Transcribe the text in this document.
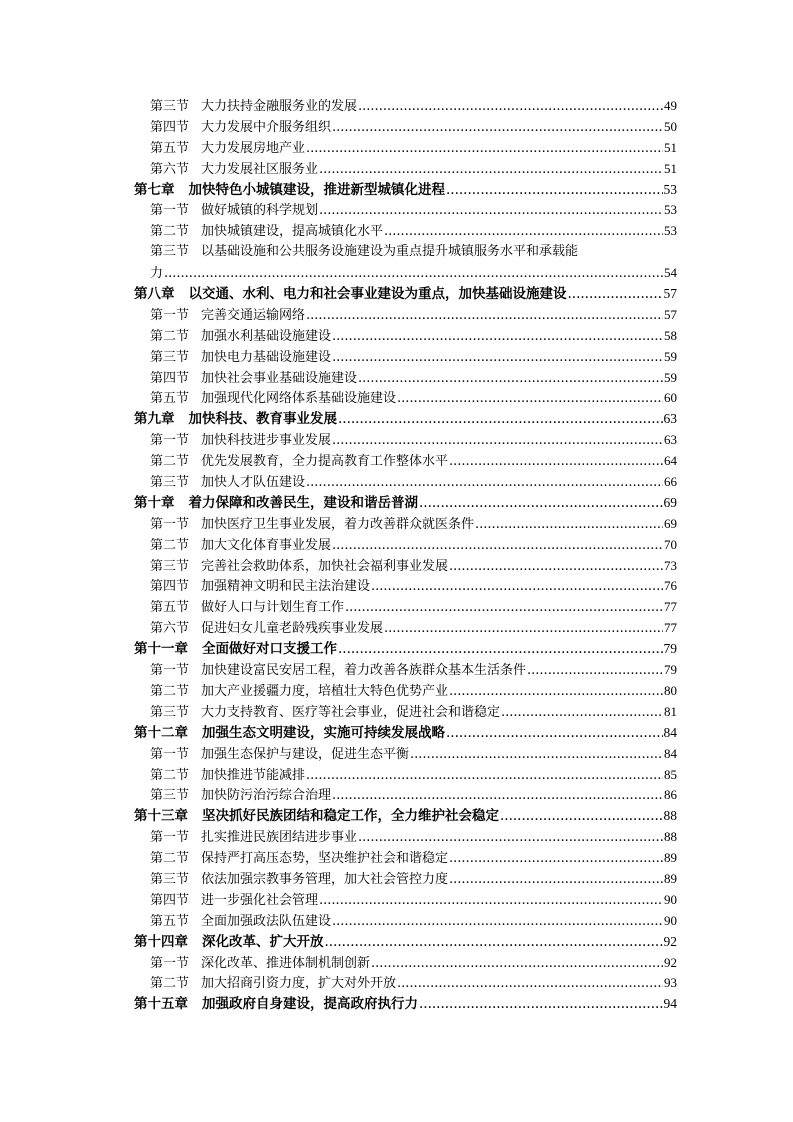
第三节 大力扶持金融服务业的发展 .....	49
第四节 大力发展中介服务组织 .....	50
第五节 大力发展房地产业 .....	51
第六节 大力发展社区服务业 .....	51
第七章 加快特色小城镇建设，推进新型城镇化进程 .....	53
第一节 做好城镇的科学规划 .....	53
第二节 加快城镇建设，提高城镇化水平 .....	53
第三节 以基础设施和公共服务设施建设为重点提升城镇服务水平和承载能
力 .....	54
第八章 以交通、水利、电力和社会事业建设为重点，加快基础设施建设 .....	57
第一节 完善交通运输网络 .....	57
第二节 加强水利基础设施建设 .....	58
第三节 加快电力基础设施建设 .....	59
第四节 加快社会事业基础设施建设 .....	59
第五节 加强现代化网络体系基础设施建设 .....	60
第九章 加快科技、教育事业发展 .....	63
第一节 加快科技进步事业发展 .....	63
第二节 优先发展教育，全力提高教育工作整体水平 .....	64
第三节 加快人才队伍建设 .....	66
第十章 着力保障和改善民生，建设和谐岳普湖 .....	69
第一节 加快医疗卫生事业发展，着力改善群众就医条件 .....	69
第二节 加大文化体育事业发展 .....	70
第三节 完善社会救助体系，加快社会福利事业发展 .....	73
第四节 加强精神文明和民主法治建设 .....	76
第五节 做好人口与计划生育工作 .....	77
第六节 促进妇女儿童老龄残疾事业发展 .....	77
第十一章 全面做好对口支援工作 .....	79
第一节 加快建设富民安居工程，着力改善各族群众基本生活条件 .....	79
第二节 加大产业援疆力度，培植壮大特色优势产业 .....	80
第三节 大力支持教育、医疗等社会事业，促进社会和谐稳定 .....	81
第十二章 加强生态文明建设，实施可持续发展战略 .....	84
第一节 加强生态保护与建设，促进生态平衡 .....	84
第二节 加快推进节能减排 .....	85
第三节 加快防污治污综合治理 .....	86
第十三章 坚决抓好民族团结和稳定工作，全力维护社会稳定 .....	88
第一节 扎实推进民族团结进步事业 .....	88
第二节 保持严打高压态势，坚决维护社会和谐稳定 .....	89
第三节 依法加强宗教事务管理，加大社会管控力度 .....	89
第四节 进一步强化社会管理 .....	90
第五节 全面加强政法队伍建设 .....	90
第十四章 深化改革、扩大开放 .....	92
第一节 深化改革、推进体制机制创新 .....	92
第二节 加大招商引资力度，扩大对外开放 .....	93
第十五章 加强政府自身建设，提高政府执行力 .....	94
